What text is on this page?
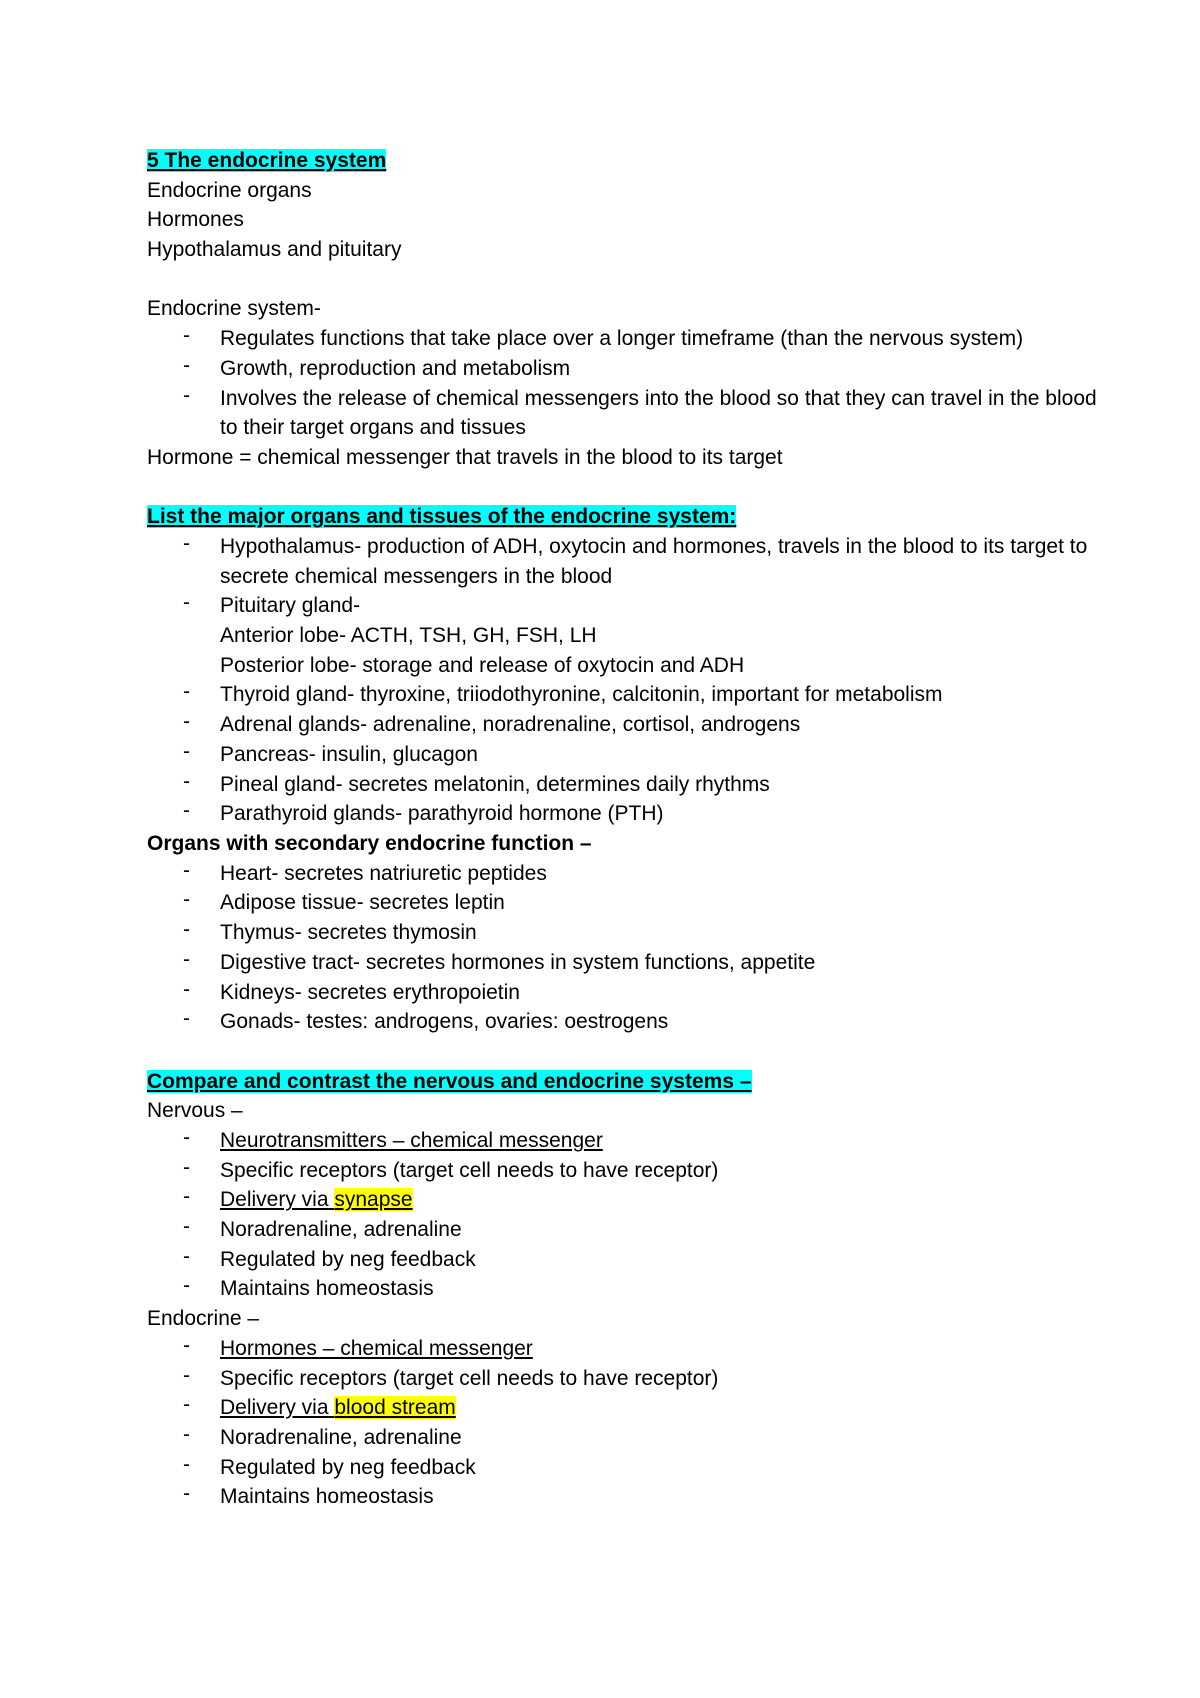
5 The endocrine system
Endocrine organs
Hormones
Hypothalamus and pituitary
Endocrine system-
- Regulates functions that take place over a longer timeframe (than the nervous system)
- Growth, reproduction and metabolism
- Involves the release of chemical messengers into the blood so that they can travel in the blood to their target organs and tissues
Hormone = chemical messenger that travels in the blood to its target
List the major organs and tissues of the endocrine system:
- Hypothalamus- production of ADH, oxytocin and hormones, travels in the blood to its target to secrete chemical messengers in the blood
- Pituitary gland-
Anterior lobe- ACTH, TSH, GH, FSH, LH
Posterior lobe- storage and release of oxytocin and ADH
- Thyroid gland- thyroxine, triiodothyronine, calcitonin, important for metabolism
- Adrenal glands- adrenaline, noradrenaline, cortisol, androgens
- Pancreas- insulin, glucagon
- Pineal gland- secretes melatonin, determines daily rhythms
- Parathyroid glands- parathyroid hormone (PTH)
Organs with secondary endocrine function –
- Heart- secretes natriuretic peptides
- Adipose tissue- secretes leptin
- Thymus- secretes thymosin
- Digestive tract- secretes hormones in system functions, appetite
- Kidneys- secretes erythropoietin
- Gonads- testes: androgens, ovaries: oestrogens
Compare and contrast the nervous and endocrine systems –
Nervous –
- Neurotransmitters – chemical messenger
- Specific receptors (target cell needs to have receptor)
- Delivery via synapse
- Noradrenaline, adrenaline
- Regulated by neg feedback
- Maintains homeostasis
Endocrine –
- Hormones – chemical messenger
- Specific receptors (target cell needs to have receptor)
- Delivery via blood stream
- Noradrenaline, adrenaline
- Regulated by neg feedback
- Maintains homeostasis
